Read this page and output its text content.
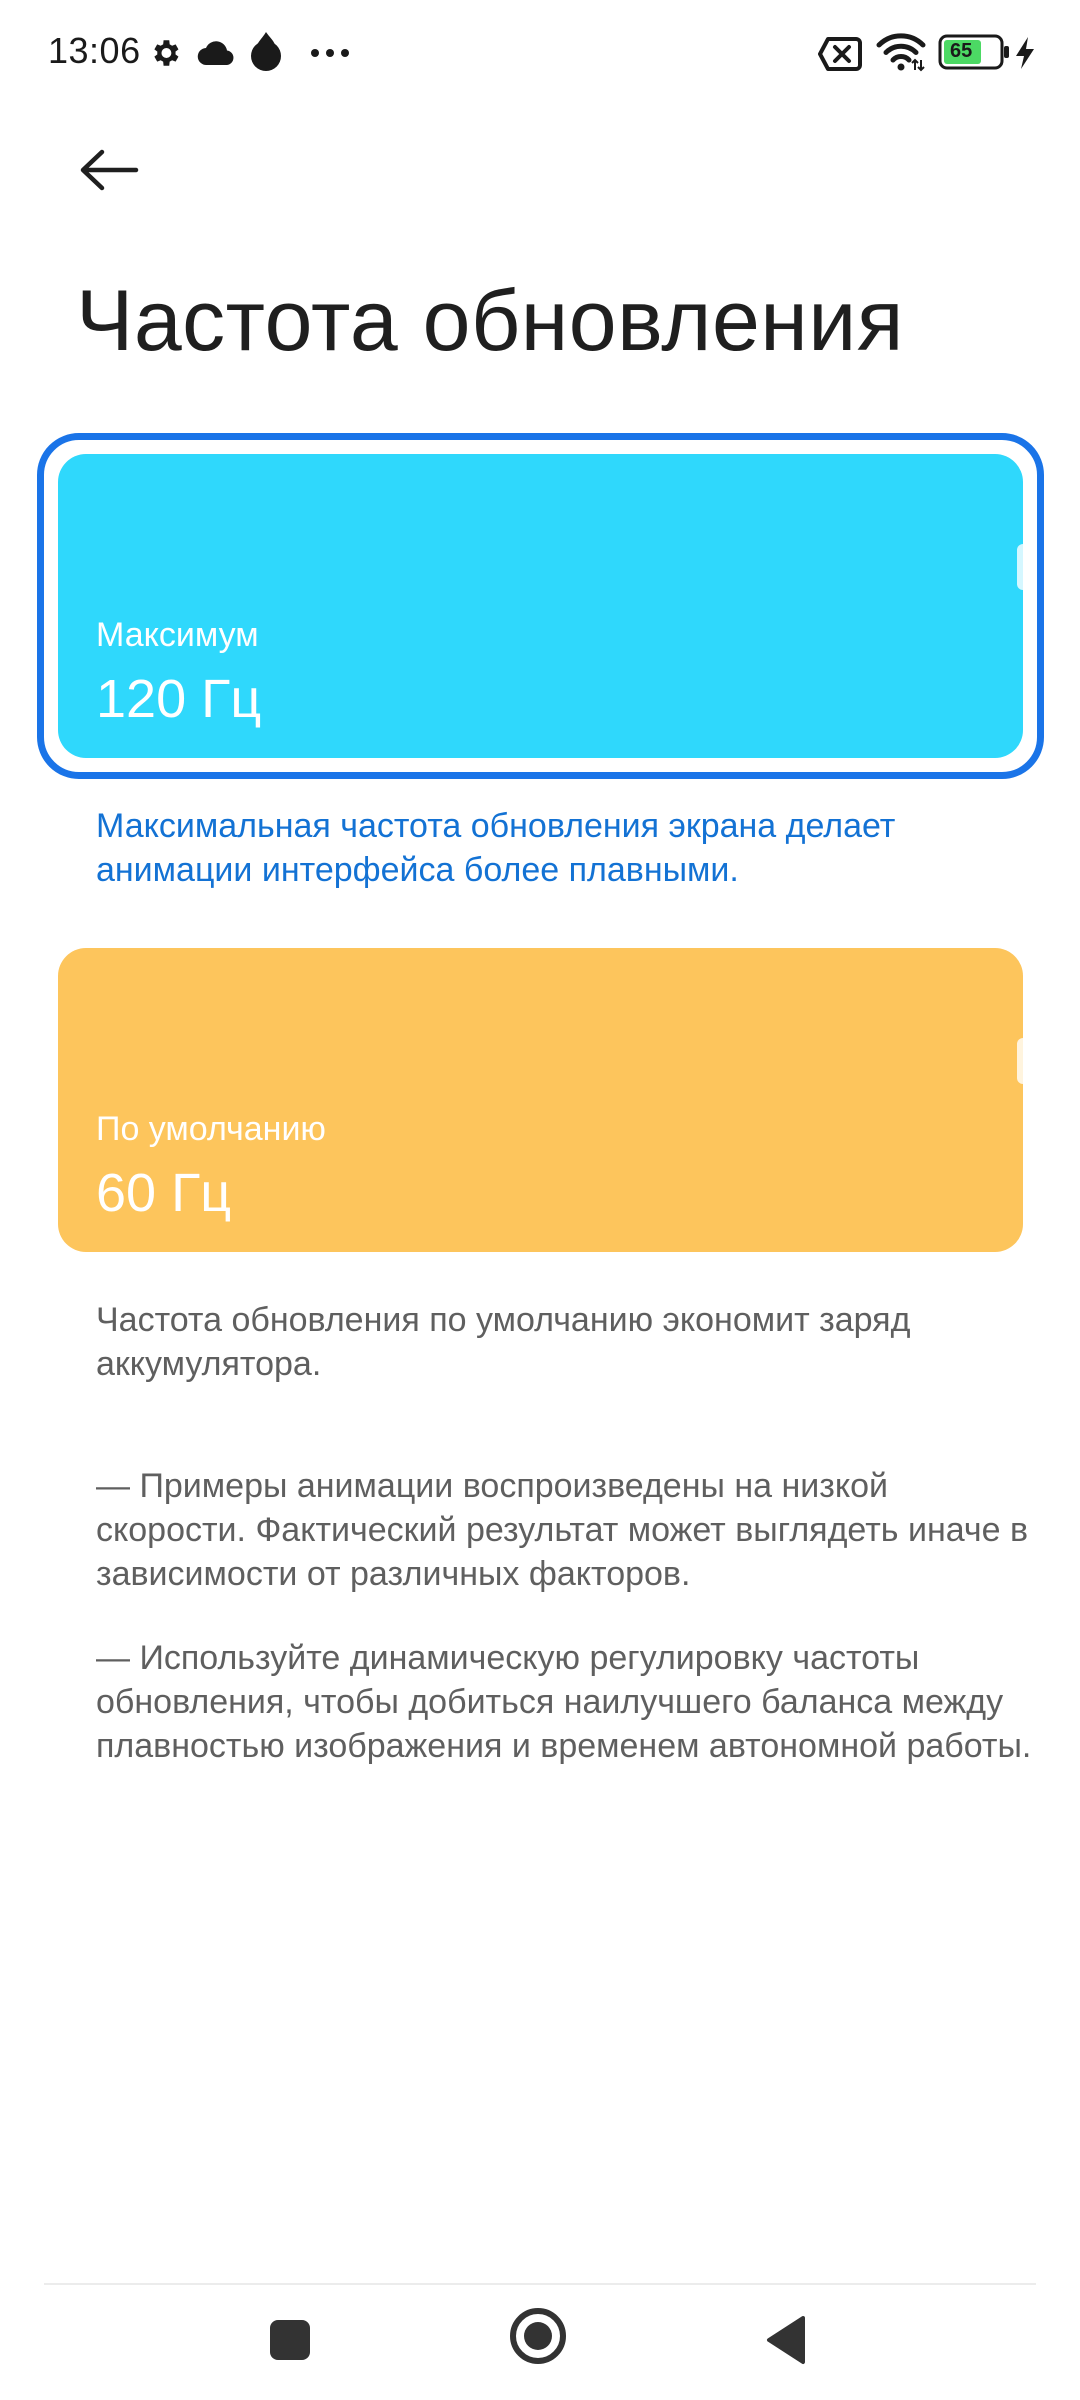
13:06	65
Частота обновления
Максимум
120 Гц

Максимальная частота обновления экрана делает анимации интерфейса более плавными.

По умолчанию
60 Гц

Частота обновления по умолчанию экономит заряд аккумулятора.

— Примеры анимации воспроизведены на низкой скорости. Фактический результат может выглядеть иначе в зависимости от различных факторов.

— Используйте динамическую регулировку частоты обновления, чтобы добиться наилучшего баланса между плавностью изображения и временем автономной работы.
